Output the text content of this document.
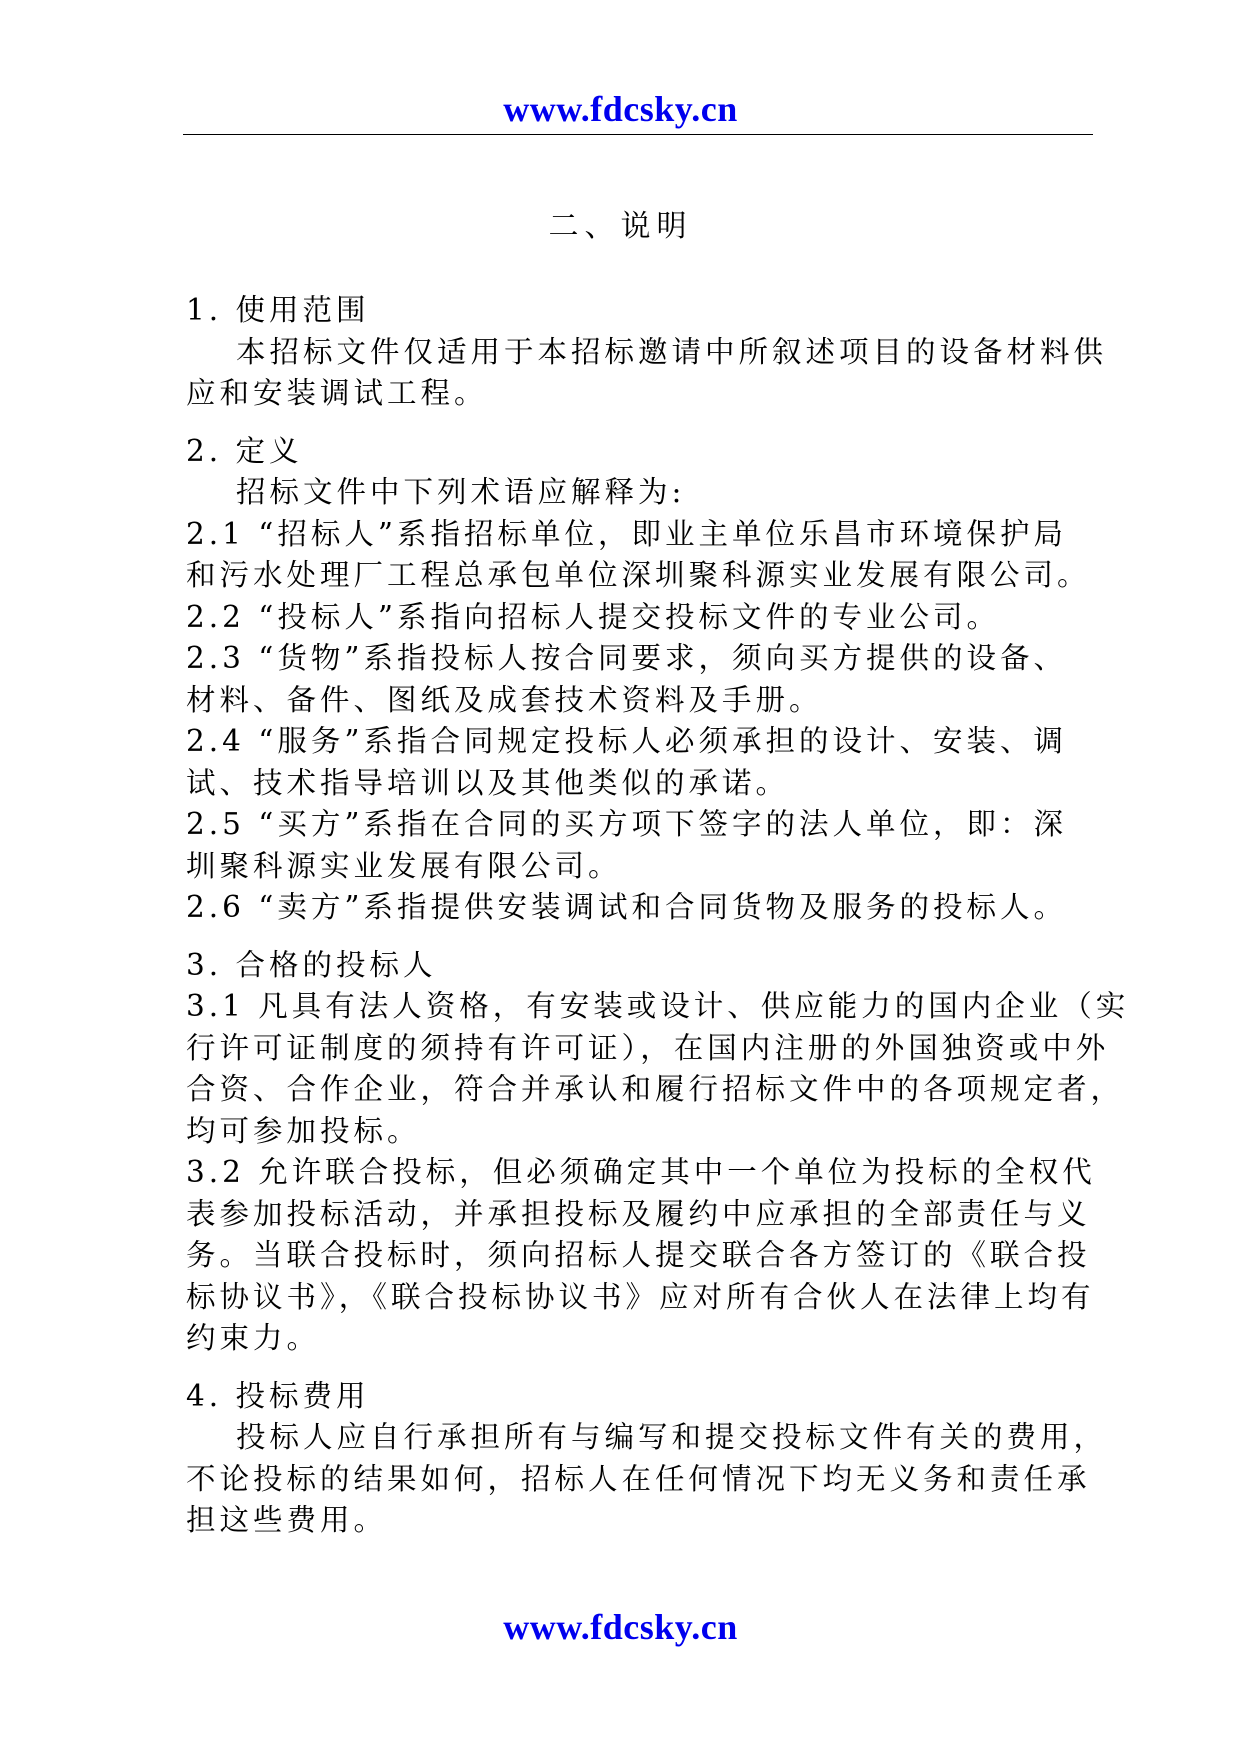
www.fdcsky.cn
二、说明

1. 使用范围

本招标文件仅适用于本招标邀请中所叙述项目的设备材料供

应和安装调试工程。

2. 定义

招标文件中下列术语应解释为:

2.1 “招标人”系指招标单位，即业主单位乐昌市环境保护局

和污水处理厂工程总承包单位深圳聚科源实业发展有限公司。

2.2 “投标人”系指向招标人提交投标文件的专业公司。

2.3 “货物”系指投标人按合同要求，须向买方提供的设备、

材料、备件、图纸及成套技术资料及手册。

2.4 “服务”系指合同规定投标人必须承担的设计、安装、调

试、技术指导培训以及其他类似的承诺。

2.5 “买方”系指在合同的买方项下签字的法人单位，即：深

圳聚科源实业发展有限公司。

2.6 “卖方”系指提供安装调试和合同货物及服务的投标人。

3. 合格的投标人

3.1 凡具有法人资格，有安装或设计、供应能力的国内企业（实

行许可证制度的须持有许可证），在国内注册的外国独资或中外

合资、合作企业，符合并承认和履行招标文件中的各项规定者，

均可参加投标。

3.2 允许联合投标，但必须确定其中一个单位为投标的全权代

表参加投标活动，并承担投标及履约中应承担的全部责任与义

务。当联合投标时，须向招标人提交联合各方签订的《联合投

标协议书》，《联合投标协议书》应对所有合伙人在法律上均有

约束力。

4. 投标费用

投标人应自行承担所有与编写和提交投标文件有关的费用，

不论投标的结果如何，招标人在任何情况下均无义务和责任承

担这些费用。

www.fdcsky.cn
